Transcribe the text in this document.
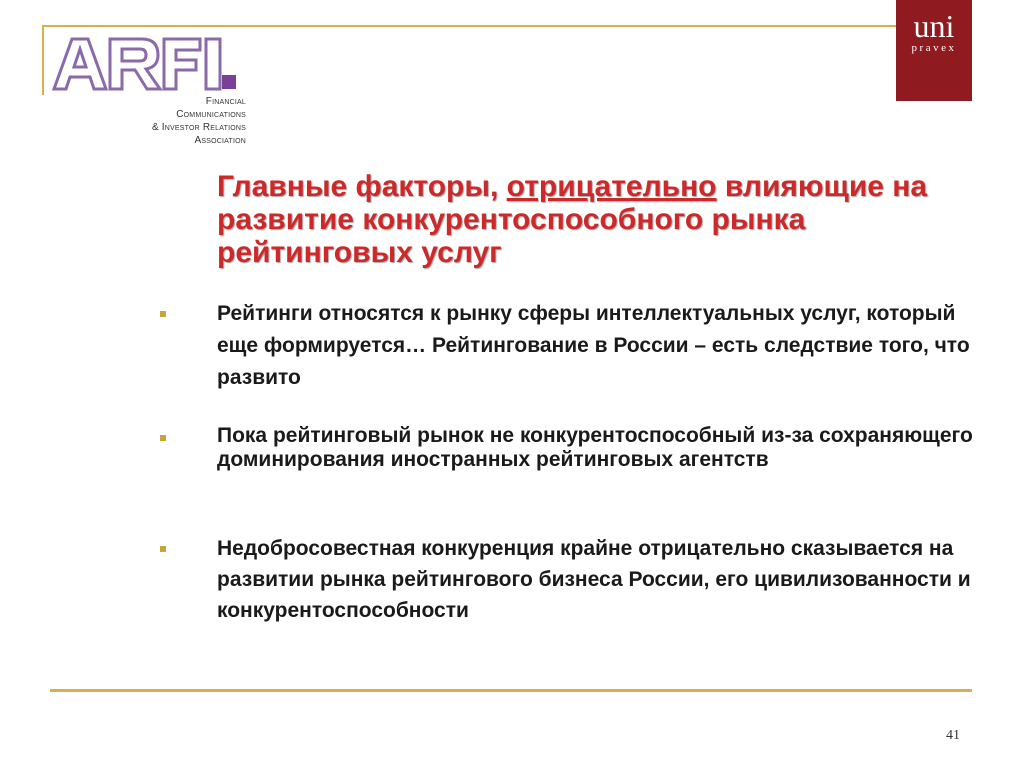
Financial
Communications
& Investor Relations
Association
uni
pravex
Главные факторы, отрицательно влияющие на развитие конкурентоспособного рынка рейтинговых услуг
Рейтинги относятся к рынку сферы интеллектуальных услуг, который еще формируется… Рейтингование в России – есть следствие того, что развито
Пока рейтинговый рынок не конкурентоспособный из-за сохраняющего доминирования иностранных рейтинговых агентств
Недобросовестная конкуренция крайне отрицательно сказывается на развитии рынка рейтингового бизнеса России, его цивилизованности и конкурентоспособности
41
